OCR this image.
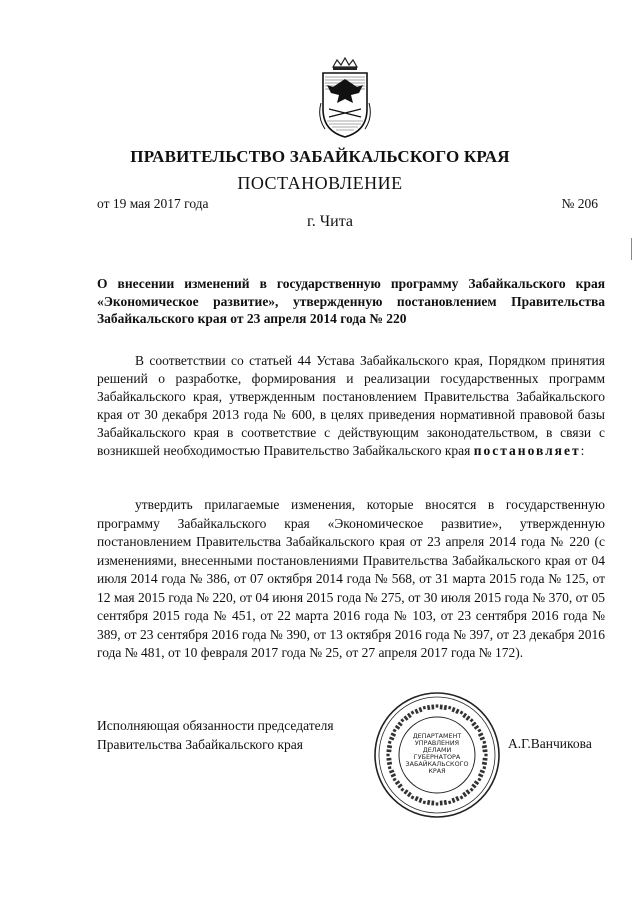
ПРАВИТЕЛЬСТВО ЗАБАЙКАЛЬСКОГО КРАЯ
ПОСТАНОВЛЕНИЕ
от 19 мая 2017 года	№ 206
г. Чита
О внесении изменений в государственную программу Забайкальского края «Экономическое развитие», утвержденную постановлением Правительства Забайкальского края от 23 апреля 2014 года № 220
В соответствии со статьей 44 Устава Забайкальского края, Порядком принятия решений о разработке, формирования и реализации государственных программ Забайкальского края, утвержденным постановлением Правительства Забайкальского края от 30 декабря 2013 года № 600, в целях приведения нормативной правовой базы Забайкальского края в соответствие с действующим законодательством, в связи с возникшей необходимостью Правительство Забайкальского края постановляет:
утвердить прилагаемые изменения, которые вносятся в государственную программу Забайкальского края «Экономическое развитие», утвержденную постановлением Правительства Забайкальского края от 23 апреля 2014 года № 220 (с изменениями, внесенными постановлениями Правительства Забайкальского края от 04 июля 2014 года № 386, от 07 октября 2014 года № 568, от 31 марта 2015 года № 125, от 12 мая 2015 года № 220, от 04 июня 2015 года № 275, от 30 июля 2015 года № 370, от 05 сентября 2015 года № 451, от 22 марта 2016 года № 103, от 23 сентября 2016 года № 389, от 23 сентября 2016 года № 390, от 13 октября 2016 года № 397, от 23 декабря 2016 года № 481, от 10 февраля 2017 года № 25, от 27 апреля 2017 года № 172).
Исполняющая обязанности председателя
Правительства Забайкальского края
ДЕПАРТАМЕНТ
УПРАВЛЕНИЯ
ДЕЛАМИ
ГУБЕРНАТОРА
ЗАБАЙКАЛЬСКОГО
КРАЯ
А.Г.Ванчикова
